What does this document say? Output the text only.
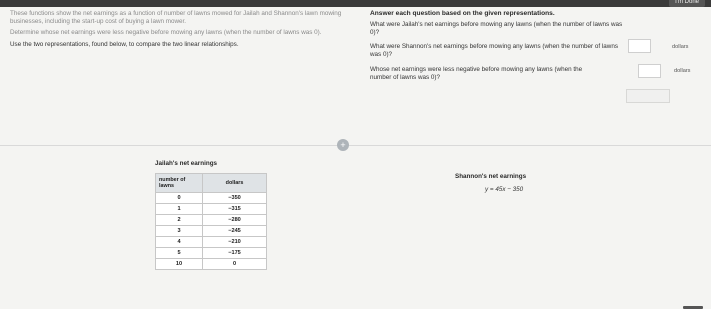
I'm Done

These functions show the net earnings as a function of number of lawns mowed for Jailah and Shannon's lawn mowing businesses, including the start-up cost of buying a lawn mower.

Determine whose net earnings were less negative before mowing any lawns (when the number of lawns was 0).

Use the two representations, found below, to compare the two linear relationships.

Answer each question based on the given representations.
What were Jailah's net earnings before mowing any lawns (when the number of lawns was 0)?
What were Shannon's net earnings before mowing any lawns (when the number of lawns was 0)?
Whose net earnings were less negative before mowing any lawns (when the number of lawns was 0)?
dollars
dollars
+
Jailah's net earnings
number of lawns	dollars
0	−350
1	−315
2	−280
3	−245
4	−210
5	−175
10	0
Shannon's net earnings
y = 45x − 350
